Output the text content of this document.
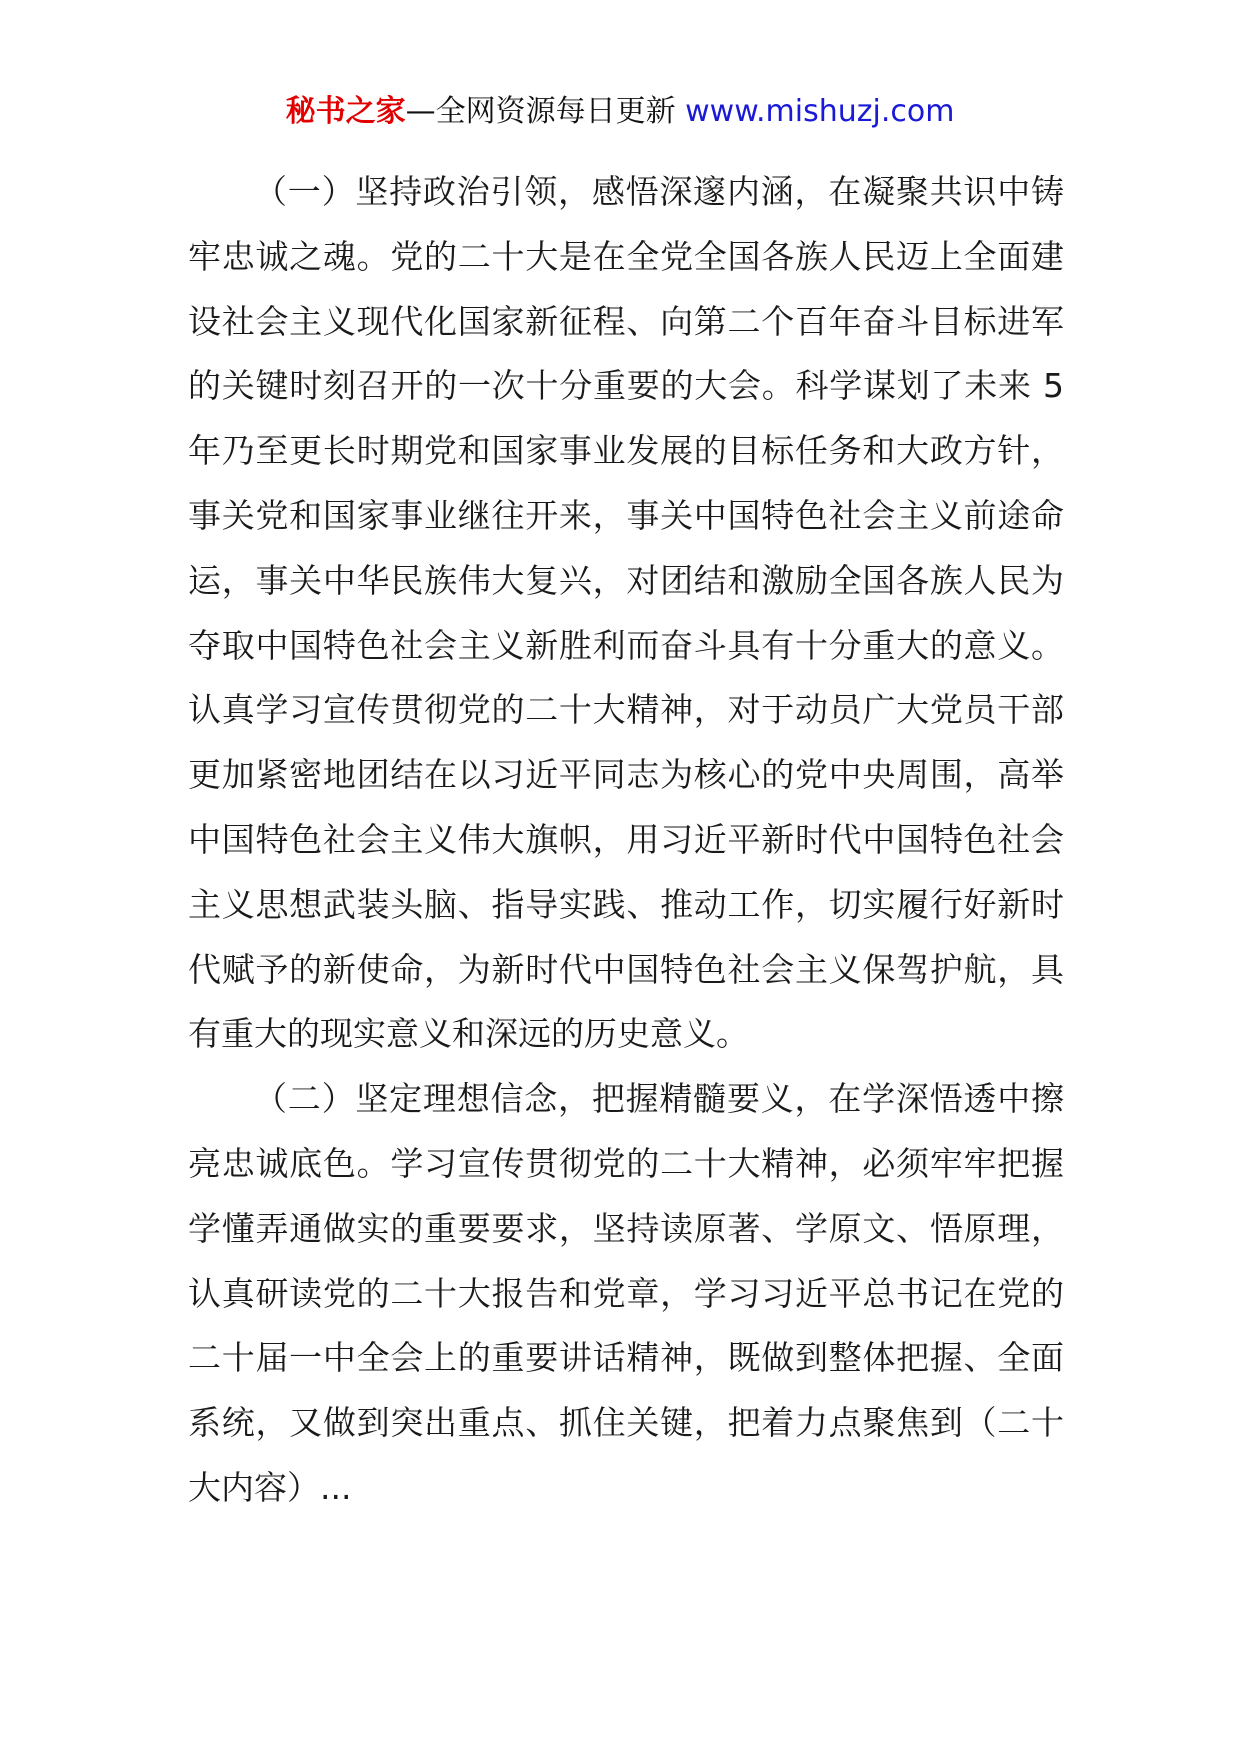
秘书之家—全网资源每日更新 www.mishuzj.com

（一）坚持政治引领，感悟深邃内涵，在凝聚共识中铸牢忠诚之魂。党的二十大是在全党全国各族人民迈上全面建设社会主义现代化国家新征程、向第二个百年奋斗目标进军的关键时刻召开的一次十分重要的大会。科学谋划了未来 5 年乃至更长时期党和国家事业发展的目标任务和大政方针，事关党和国家事业继往开来，事关中国特色社会主义前途命运，事关中华民族伟大复兴，对团结和激励全国各族人民为夺取中国特色社会主义新胜利而奋斗具有十分重大的意义。认真学习宣传贯彻党的二十大精神，对于动员广大党员干部更加紧密地团结在以习近平同志为核心的党中央周围，高举中国特色社会主义伟大旗帜，用习近平新时代中国特色社会主义思想武装头脑、指导实践、推动工作，切实履行好新时代赋予的新使命，为新时代中国特色社会主义保驾护航，具有重大的现实意义和深远的历史意义。

（二）坚定理想信念，把握精髓要义，在学深悟透中擦亮忠诚底色。学习宣传贯彻党的二十大精神，必须牢牢把握学懂弄通做实的重要要求，坚持读原著、学原文、悟原理，认真研读党的二十大报告和党章，学习习近平总书记在党的二十届一中全会上的重要讲话精神，既做到整体把握、全面系统，又做到突出重点、抓住关键，把着力点聚焦到（二十大内容）...
